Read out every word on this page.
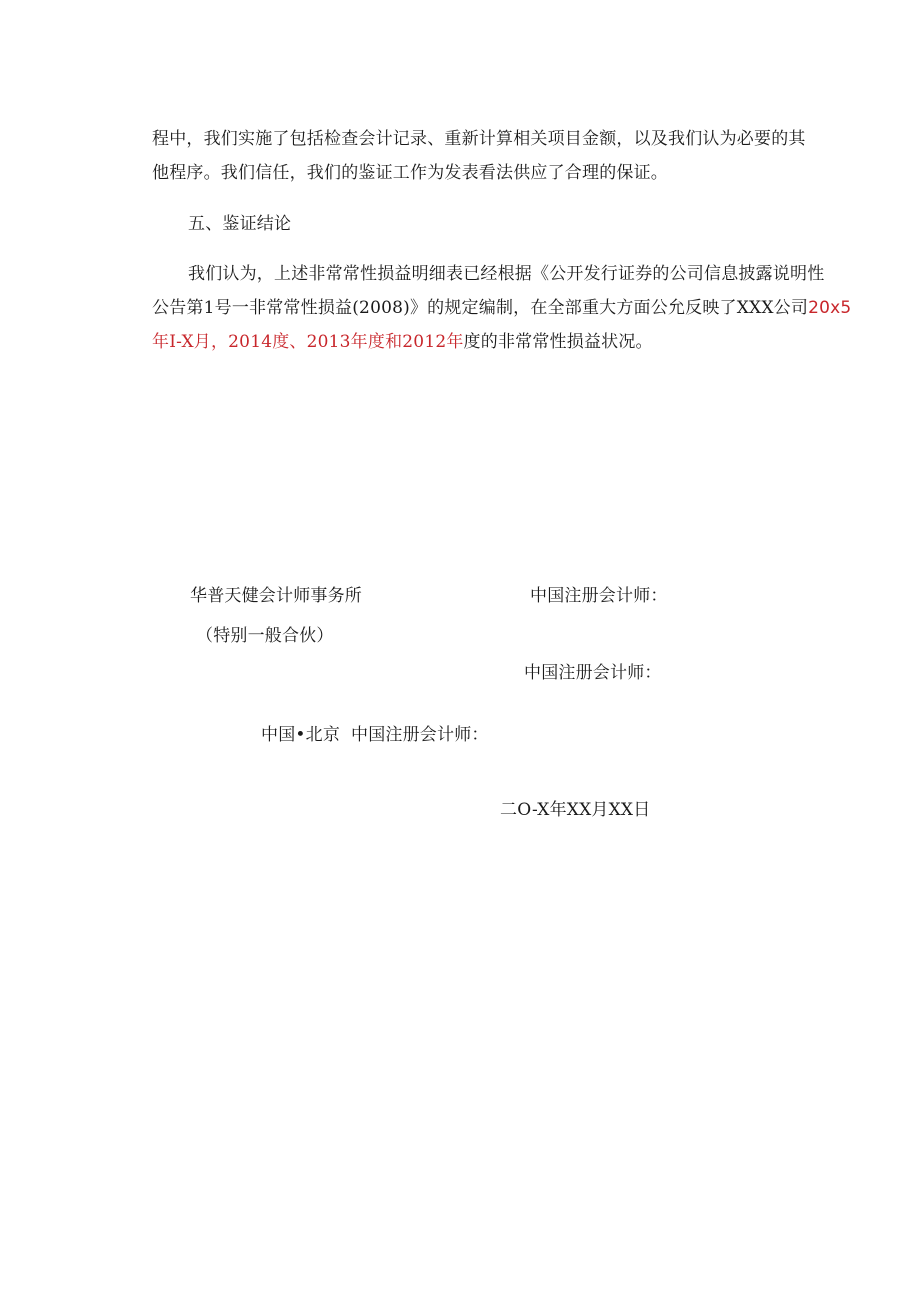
程中，我们实施了包括检查会计记录、重新计算相关项目金额，以及我们认为必要的其
他程序。我们信任，我们的鉴证工作为发表看法供应了合理的保证。
五、鉴证结论
我们认为，上述非常常性损益明细表已经根据《公开发行证券的公司信息披露说明性
公告第1号一非常常性损益(2008)》的规定编制，在全部重大方面公允反映了XXX公司20x5
年I-X月，2014度、2013年度和2012年度的非常常性损益状况。
华普天健会计师事务所	中国注册会计师：
（特别一般合伙）
中国注册会计师：
中国•北京 中国注册会计师：
二O-X年XX月XX日
